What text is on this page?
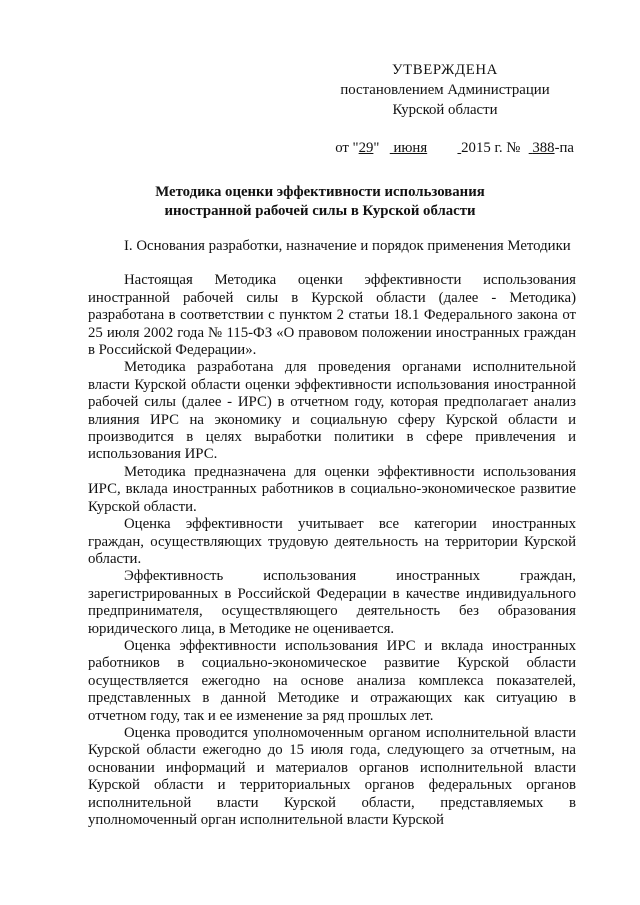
УТВЕРЖДЕНА
постановлением Администрации
Курской области
от "29" июня 2015 г. № 388-па
Методика оценки эффективности использования
иностранной рабочей силы в Курской области

I. Основания разработки, назначение и порядок применения Методики

Настоящая Методика оценки эффективности использования иностранной рабочей силы в Курской области (далее - Методика) разработана в соответствии с пунктом 2 статьи 18.1 Федерального закона от 25 июля 2002 года № 115-ФЗ «О правовом положении иностранных граждан в Российской Федерации».

Методика разработана для проведения органами исполнительной власти Курской области оценки эффективности использования иностранной рабочей силы (далее - ИРС) в отчетном году, которая предполагает анализ влияния ИРС на экономику и социальную сферу Курской области и производится в целях выработки политики в сфере привлечения и использования ИРС.

Методика предназначена для оценки эффективности использования ИРС, вклада иностранных работников в социально-экономическое развитие Курской области.

Оценка эффективности учитывает все категории иностранных граждан, осуществляющих трудовую деятельность на территории Курской области.

Эффективность использования иностранных граждан, зарегистрированных в Российской Федерации в качестве индивидуального предпринимателя, осуществляющего деятельность без образования юридического лица, в Методике не оценивается.

Оценка эффективности использования ИРС и вклада иностранных работников в социально-экономическое развитие Курской области осуществляется ежегодно на основе анализа комплекса показателей, представленных в данной Методике и отражающих как ситуацию в отчетном году, так и ее изменение за ряд прошлых лет.

Оценка проводится уполномоченным органом исполнительной власти Курской области ежегодно до 15 июля года, следующего за отчетным, на основании информаций и материалов органов исполнительной власти Курской области и территориальных органов федеральных органов исполнительной власти Курской области, представляемых в уполномоченный орган исполнительной власти Курской
